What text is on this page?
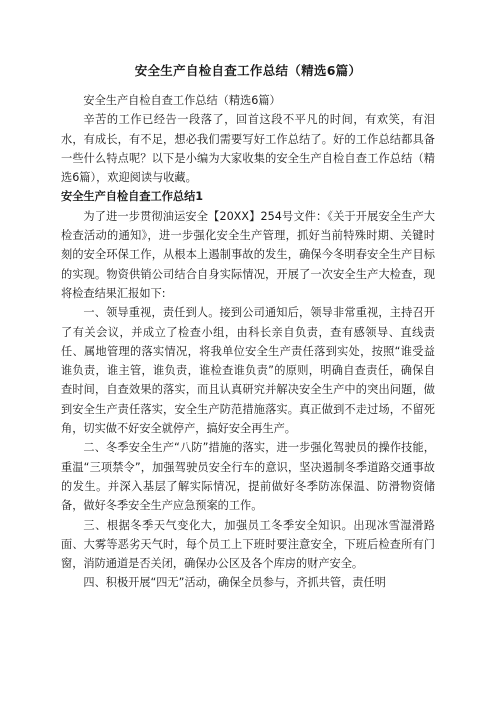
安全生产自检自查工作总结（精选6篇）

安全生产自检自查工作总结（精选6篇）

辛苦的工作已经告一段落了，回首这段不平凡的时间，有欢笑，有泪水，有成长，有不足，想必我们需要写好工作总结了。好的工作总结都具备一些什么特点呢？以下是小编为大家收集的安全生产自检自查工作总结（精选6篇），欢迎阅读与收藏。

安全生产自检自查工作总结1

为了进一步贯彻油运安全【20XX】254号文件：《关于开展安全生产大检查活动的通知》，进一步强化安全生产管理，抓好当前特殊时期、关键时刻的安全环保工作，从根本上遏制事故的发生，确保今冬明春安全生产目标的实现。物资供销公司结合自身实际情况，开展了一次安全生产大检查，现将检查结果汇报如下:

一、领导重视，责任到人。接到公司通知后，领导非常重视，主持召开了有关会议，并成立了检查小组，由科长亲自负责，查有感领导、直线责任、属地管理的落实情况，将我单位安全生产责任落到实处，按照“谁受益谁负责，谁主管，谁负责，谁检查谁负责”的原则，明确自查责任，确保自查时间，自查效果的落实，而且认真研究并解决安全生产中的突出问题，做到安全生产责任落实，安全生产防范措施落实。真正做到不走过场，不留死角，切实做不好安全就停产，搞好安全再生产。

二、冬季安全生产“八防”措施的落实，进一步强化驾驶员的操作技能，重温“三项禁令”，加强驾驶员安全行车的意识，坚决遏制冬季道路交通事故的发生。并深入基层了解实际情况，提前做好冬季防冻保温、防滑物资储备，做好冬季安全生产应急预案的工作。

三、根据冬季天气变化大，加强员工冬季安全知识。出现冰雪湿滑路面、大雾等恶劣天气时，每个员工上下班时要注意安全，下班后检查所有门窗，消防通道是否关闭，确保办公区及各个库房的财产安全。

四、积极开展“四无”活动，确保全员参与，齐抓共管，责任明
